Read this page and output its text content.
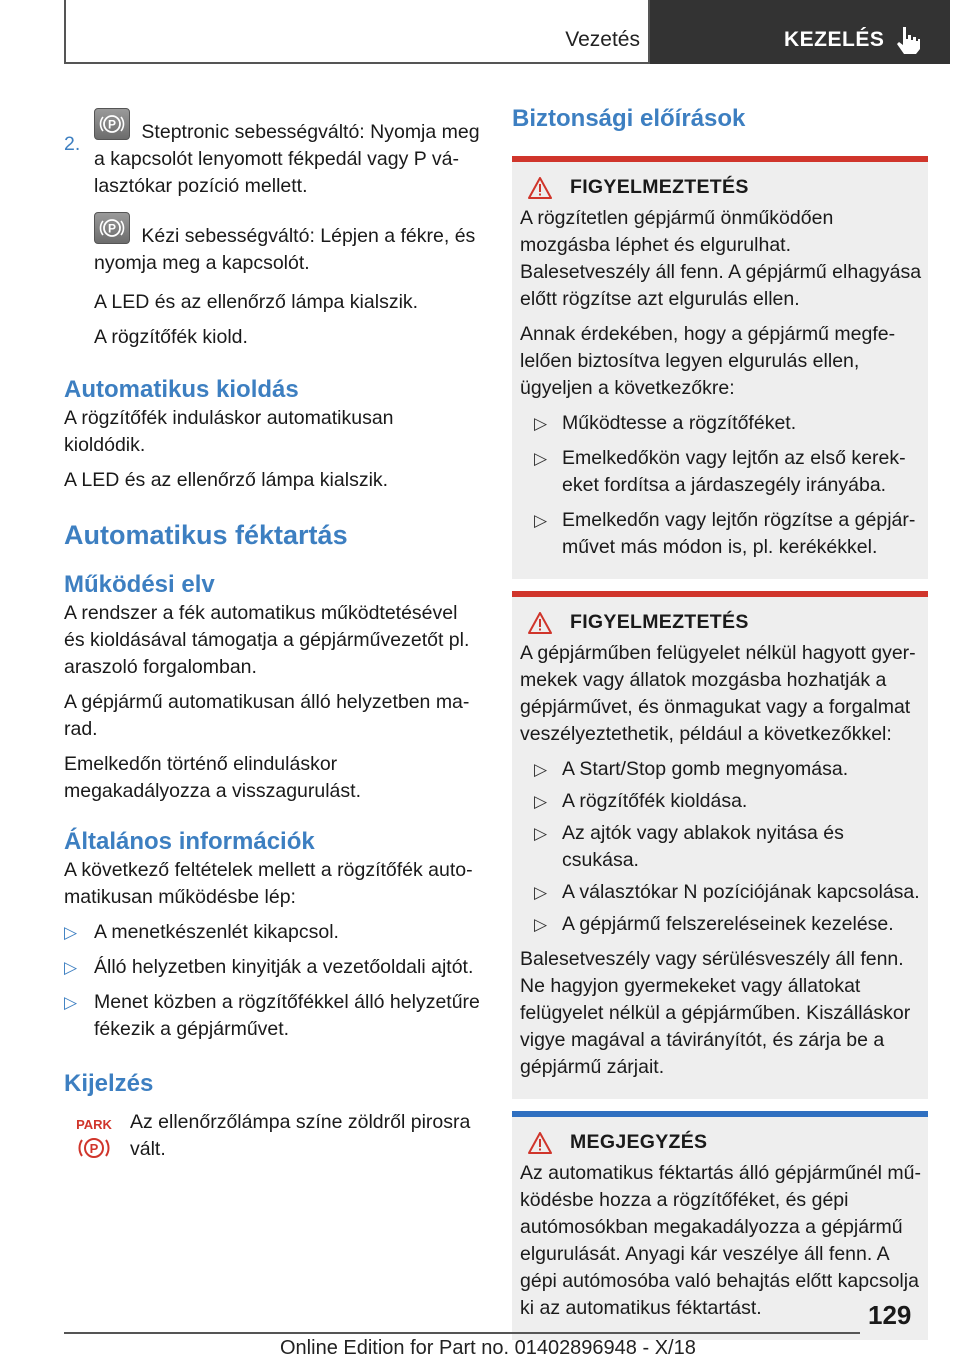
Vezetés	KEZELÉS
2.

P Steptronic sebességváltó: Nyomja meg a kapcsolót lenyomott fékpedál vagy P választókar pozíció mellett.

P Kézi sebességváltó: Lépjen a fékre, és nyomja meg a kapcsolót.

A LED és az ellenőrző lámpa kialszik.

A rögzítőfék kiold.

Automatikus kioldás

A rögzítőfék induláskor automatikusan kioldódik.

A LED és az ellenőrző lámpa kialszik.

Automatikus féktartás
Működési elv

A rendszer a fék automatikus működtetésével és kioldásával támogatja a gépjárművezetőt pl. araszoló forgalomban.

A gépjármű automatikusan álló helyzetben marad.

Emelkedőn történő elinduláskor megakadályozza a visszagurulást.

Általános információk

A következő feltételek mellett a rögzítőfék automatikusan működésbe lép:

▷ A menetkészenlét kikapcsol.
▷ Álló helyzetben kinyitják a vezetőoldali ajtót.
▷ Menet közben a rögzítőfékkel álló helyzetűre fékezik a gépjárművet.
Kijelzés
PARK
P

Az ellenőrzőlámpa színe zöldről pirosra vált.

Biztonsági előírások
FIGYELMEZTETÉS

A rögzítetlen gépjármű önműködően mozgásba léphet és elgurulhat. Balesetveszély áll fenn. A gépjármű elhagyása előtt rögzítse azt elgurulás ellen.

Annak érdekében, hogy a gépjármű megfelelően biztosítva legyen elgurulás ellen, ügyeljen a következőkre:

▷ Működtesse a rögzítőféket.
▷ Emelkedőkön vagy lejtőn az első kerekeket fordítsa a járdaszegély irányába.
▷ Emelkedőn vagy lejtőn rögzítse a gépjárművet más módon is, pl. kerékékkel.
FIGYELMEZTETÉS

A gépjárműben felügyelet nélkül hagyott gyermekek vagy állatok mozgásba hozhatják a gépjárművet, és önmagukat vagy a forgalmat veszélyeztethetik, például a következőkkel:

▷ A Start/Stop gomb megnyomása.
▷ A rögzítőfék kioldása.
▷ Az ajtók vagy ablakok nyitása és csukása.
▷ A választókar N pozíciójának kapcsolása.
▷ A gépjármű felszereléseinek kezelése.

Balesetveszély vagy sérülésveszély áll fenn. Ne hagyjon gyermekeket vagy állatokat felügyelet nélkül a gépjárműben. Kiszálláskor vigye magával a távirányítót, és zárja be a gépjármű zárjait.

MEGJEGYZÉS

Az automatikus féktartás álló gépjárműnél működésbe hozza a rögzítőféket, és gépi autómosókban megakadályozza a gépjármű elgurulását. Anyagi kár veszélye áll fenn. A gépi autómosóba való behajtás előtt kapcsolja ki az automatikus féktartást.	129
Online Edition for Part no. 01402896948 - X/18
